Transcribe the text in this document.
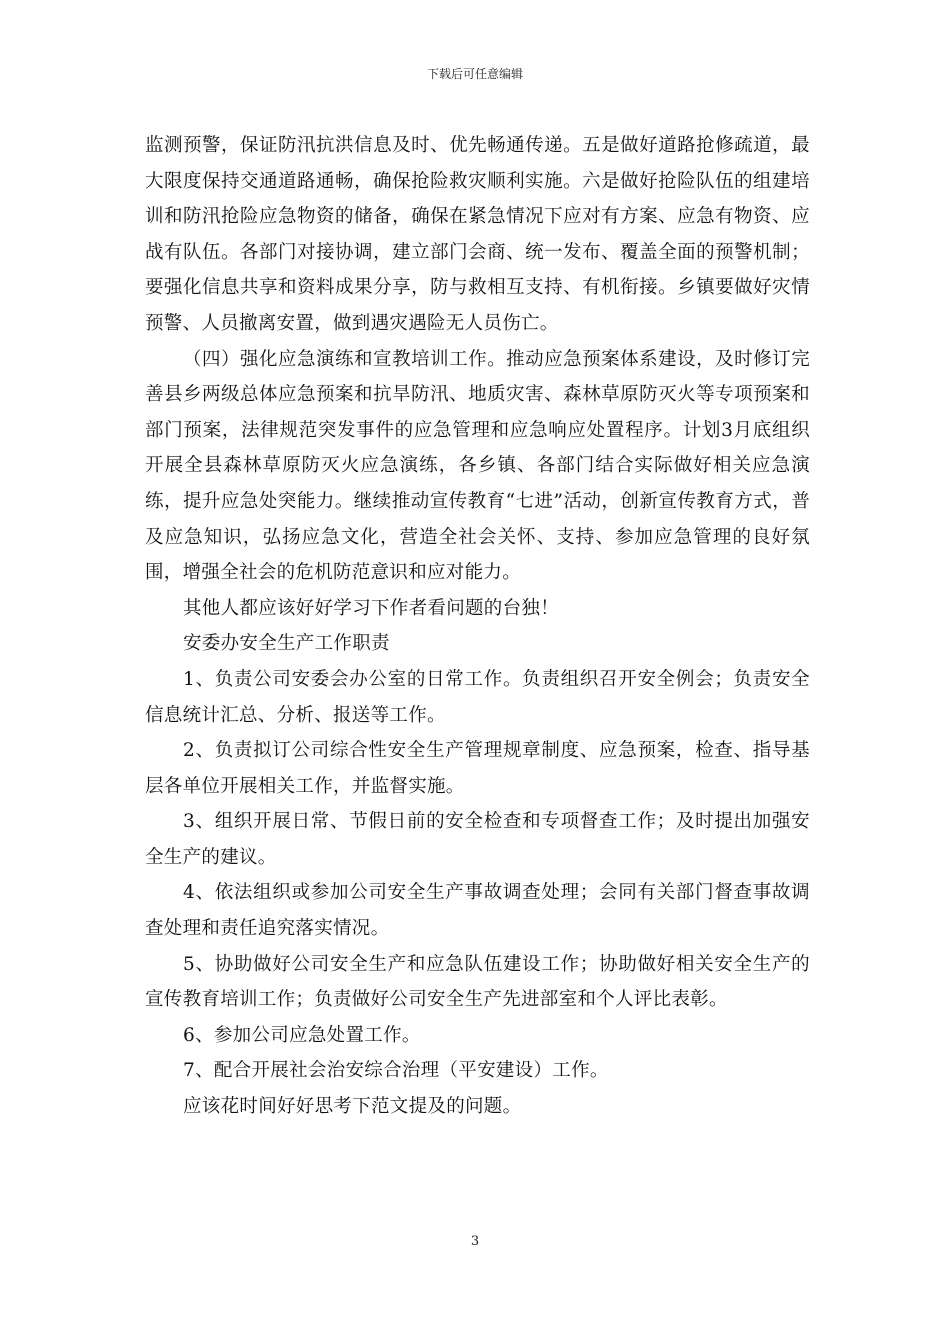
下载后可任意编辑

监测预警，保证防汛抗洪信息及时、优先畅通传递。五是做好道路抢修疏道，最大限度保持交通道路通畅，确保抢险救灾顺利实施。六是做好抢险队伍的组建培训和防汛抢险应急物资的储备，确保在紧急情况下应对有方案、应急有物资、应战有队伍。各部门对接协调，建立部门会商、统一发布、覆盖全面的预警机制；要强化信息共享和资料成果分享，防与救相互支持、有机衔接。乡镇要做好灾情预警、人员撤离安置，做到遇灾遇险无人员伤亡。

（四）强化应急演练和宣教培训工作。推动应急预案体系建设，及时修订完善县乡两级总体应急预案和抗旱防汛、地质灾害、森林草原防灭火等专项预案和部门预案，法律规范突发事件的应急管理和应急响应处置程序。计划3月底组织开展全县森林草原防灭火应急演练，各乡镇、各部门结合实际做好相关应急演练，提升应急处突能力。继续推动宣传教育“七进”活动，创新宣传教育方式，普及应急知识，弘扬应急文化，营造全社会关怀、支持、参加应急管理的良好氛围，增强全社会的危机防范意识和应对能力。

其他人都应该好好学习下作者看问题的台独！

安委办安全生产工作职责

1、负责公司安委会办公室的日常工作。负责组织召开安全例会；负责安全信息统计汇总、分析、报送等工作。

2、负责拟订公司综合性安全生产管理规章制度、应急预案，检查、指导基层各单位开展相关工作，并监督实施。

3、组织开展日常、节假日前的安全检查和专项督查工作；及时提出加强安全生产的建议。

4、依法组织或参加公司安全生产事故调查处理；会同有关部门督查事故调查处理和责任追究落实情况。

5、协助做好公司安全生产和应急队伍建设工作；协助做好相关安全生产的宣传教育培训工作；负责做好公司安全生产先进部室和个人评比表彰。

6、参加公司应急处置工作。

7、配合开展社会治安综合治理（平安建设）工作。

应该花时间好好思考下范文提及的问题。

3
